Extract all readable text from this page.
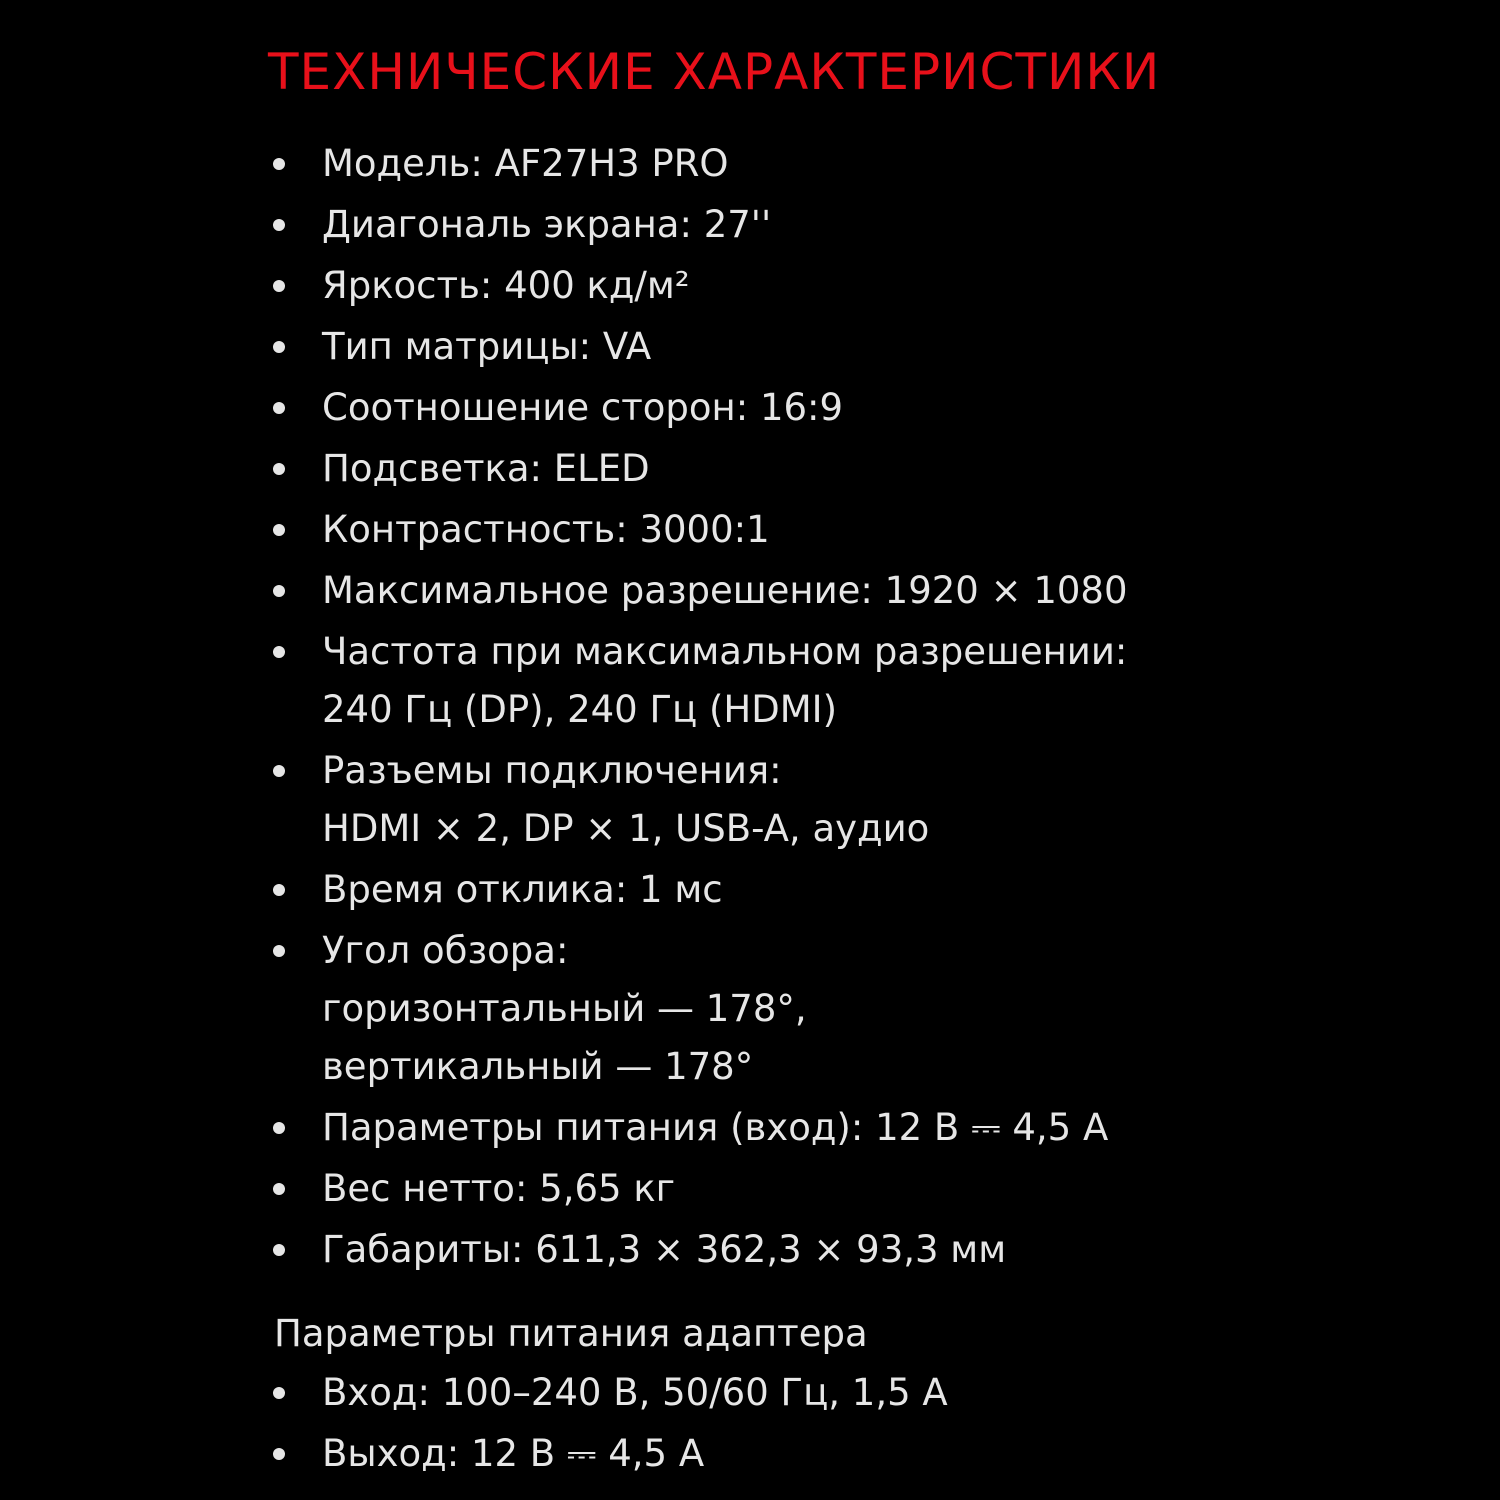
ТЕХНИЧЕСКИЕ ХАРАКТЕРИСТИКИ
Модель: AF27H3 PRO
Диагональ экрана: 27''
Яркость: 400 кд/м²
Тип матрицы: VA
Соотношение сторон: 16:9
Подсветка: ELED
Контрастность: 3000:1
Максимальное разрешение: 1920 × 1080
Частота при максимальном разрешении:
240 Гц (DP), 240 Гц (HDMI)
Разъемы подключения:
HDMI × 2, DP × 1, USB-A, аудио
Время отклика: 1 мс
Угол обзора:
горизонтальный — 178°,
вертикальный — 178°
Параметры питания (вход): 12 В ⎓ 4,5 А
Вес нетто: 5,65 кг
Габариты: 611,3 × 362,3 × 93,3 мм
Параметры питания адаптера
Вход: 100–240 В, 50/60 Гц, 1,5 А
Выход: 12 В ⎓ 4,5 А
